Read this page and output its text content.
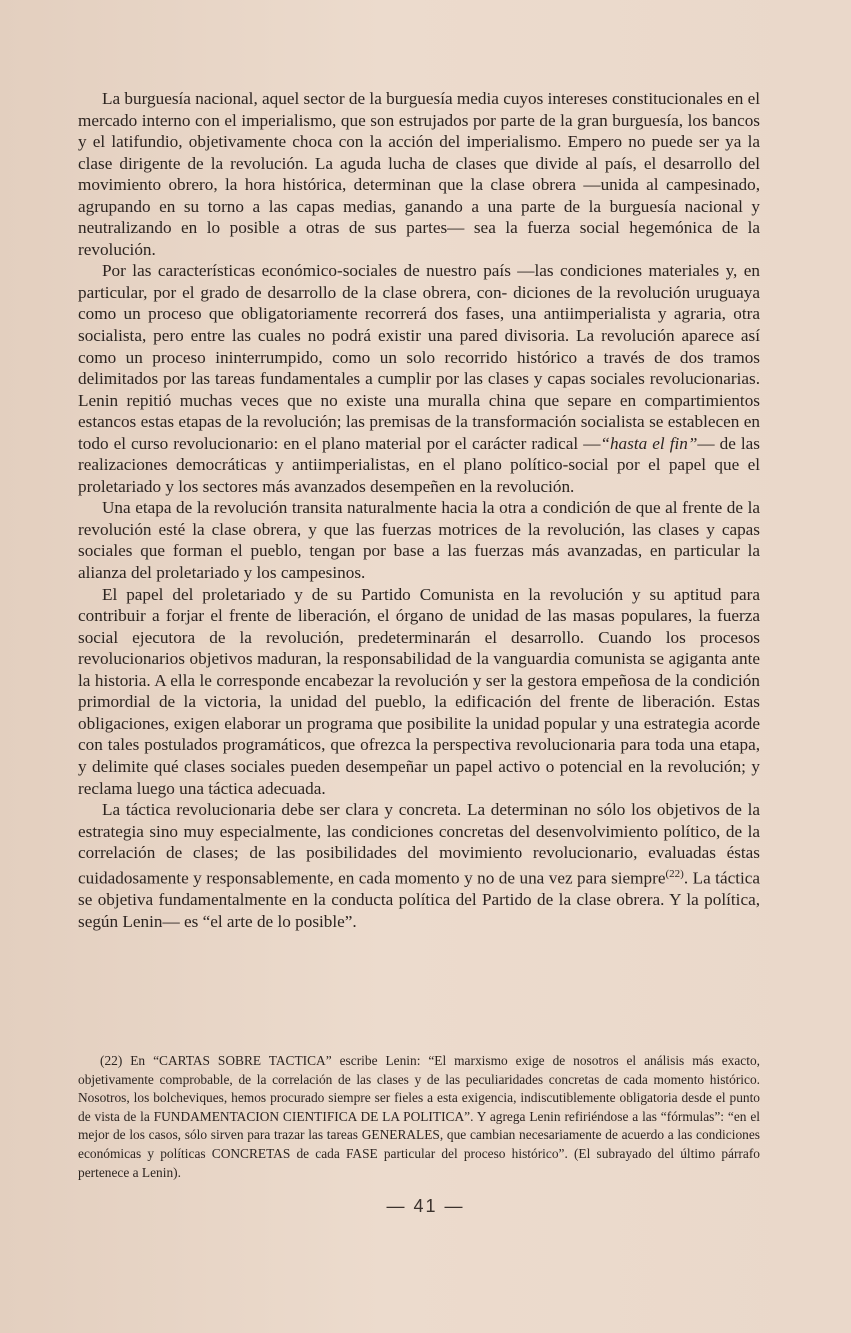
La burguesía nacional, aquel sector de la burguesía media cuyos intereses constitucionales en el mercado interno con el imperialismo, que son estrujados por parte de la gran burguesía, los bancos y el latifundio, objetivamente choca con la acción del imperialismo. Empero no puede ser ya la clase dirigente de la revolución. La aguda lucha de clases que divide al país, el desarrollo del movimiento obrero, la hora histórica, determinan que la clase obrera —unida al campesinado, agrupando en su torno a las capas medias, ganando a una parte de la burguesía nacional y neutralizando en lo posible a otras de sus partes— sea la fuerza social hegemónica de la revolución.

Por las características económico-sociales de nuestro país —las condiciones materiales y, en particular, por el grado de desarrollo de la clase obrera, con- diciones de la revolución uruguaya como un proceso que obligatoriamente recorrerá dos fases, una antiimperialista y agraria, otra socialista, pero entre las cuales no podrá existir una pared divisoria. La revolución aparece así como un proceso ininterrumpido, como un solo recorrido histórico a través de dos tramos delimitados por las tareas fundamentales a cumplir por las clases y capas sociales revolucionarias. Lenin repitió muchas veces que no existe una muralla china que separe en compartimientos estancos estas etapas de la revolución; las premisas de la transformación socialista se establecen en todo el curso revolucionario: en el plano material por el carácter radical —“hasta el fin”— de las realizaciones democráticas y antiimperialistas, en el plano político-social por el papel que el proletariado y los sectores más avanzados desempeñen en la revolución.

Una etapa de la revolución transita naturalmente hacia la otra a condición de que al frente de la revolución esté la clase obrera, y que las fuerzas motrices de la revolución, las clases y capas sociales que forman el pueblo, tengan por base a las fuerzas más avanzadas, en particular la alianza del proletariado y los campesinos.

El papel del proletariado y de su Partido Comunista en la revolución y su aptitud para contribuir a forjar el frente de liberación, el órgano de unidad de las masas populares, la fuerza social ejecutora de la revolución, predeterminarán el desarrollo. Cuando los procesos revolucionarios objetivos maduran, la responsabilidad de la vanguardia comunista se agiganta ante la historia. A ella le corresponde encabezar la revolución y ser la gestora empeñosa de la condición primordial de la victoria, la unidad del pueblo, la edificación del frente de liberación. Estas obligaciones, exigen elaborar un programa que posibilite la unidad popular y una estrategia acorde con tales postulados programáticos, que ofrezca la perspectiva revolucionaria para toda una etapa, y delimite qué clases sociales pueden desempeñar un papel activo o potencial en la revolución; y reclama luego una táctica adecuada.

La táctica revolucionaria debe ser clara y concreta. La determinan no sólo los objetivos de la estrategia sino muy especialmente, las condiciones concretas del desenvolvimiento político, de la correlación de clases; de las posibilidades del movimiento revolucionario, evaluadas éstas cuidadosamente y responsablemente, en cada momento y no de una vez para siempre$^{(22)}$. La táctica se objetiva fundamentalmente en la conducta política del Partido de la clase obrera. Y la política, según Lenin— es “el arte de lo posible”.

(22) En “CARTAS SOBRE TACTICA” escribe Lenin: “El marxismo exige de nosotros el análisis más exacto, objetivamente comprobable, de la correlación de las clases y de las peculiaridades concretas de cada momento histórico. Nosotros, los bolcheviques, hemos procurado siempre ser fieles a esta exigencia, indiscutiblemente obligatoria desde el punto de vista de la FUNDAMENTACION CIENTIFICA DE LA POLITICA”. Y agrega Lenin refiriéndose a las “fórmulas”: “en el mejor de los casos, sólo sirven para trazar las tareas GENERALES, que cambian necesariamente de acuerdo a las condiciones económicas y políticas CONCRETAS de cada FASE particular del proceso histórico”. (El subrayado del último párrafo pertenece a Lenin).

— 41 —
